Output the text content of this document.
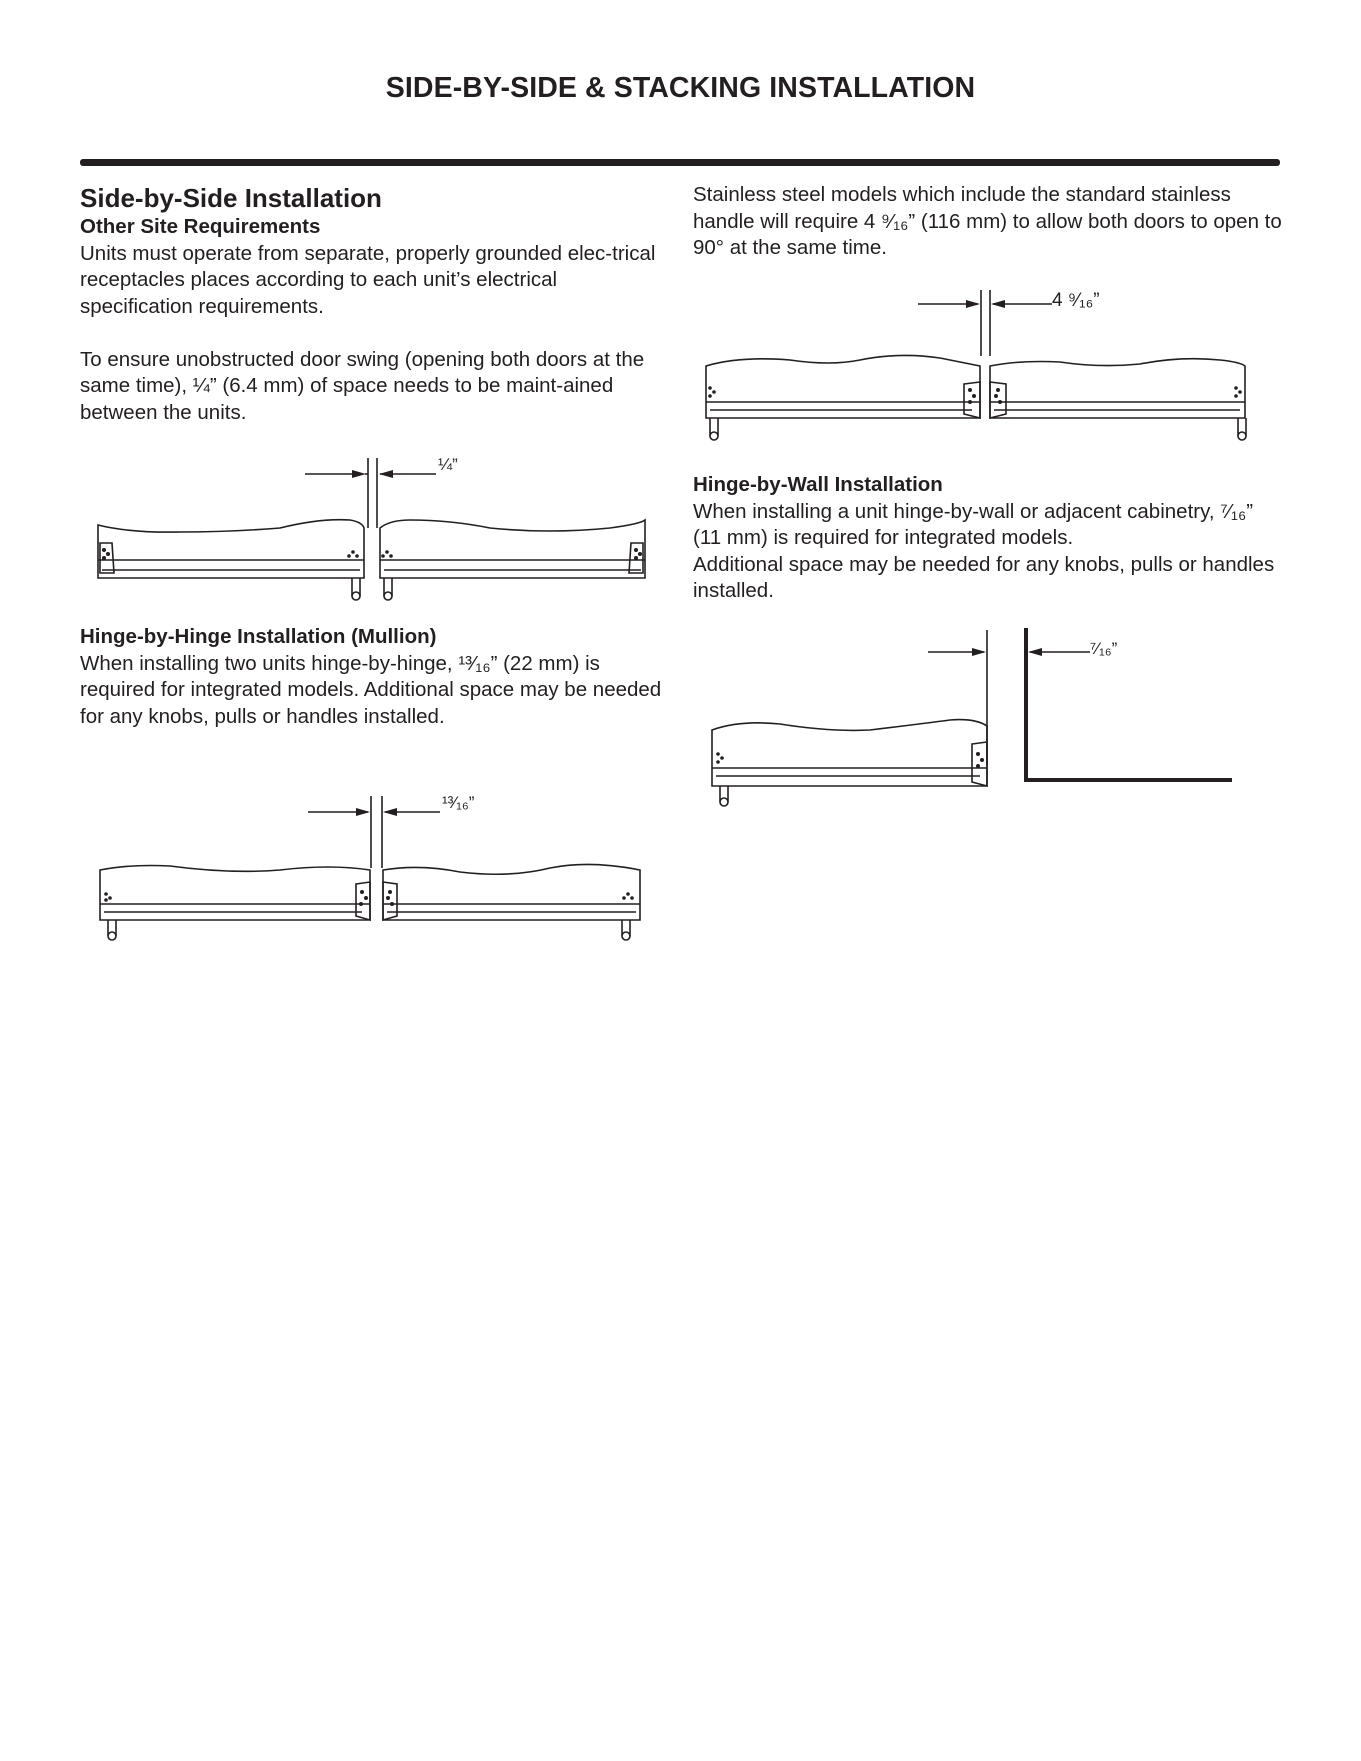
SIDE-BY-SIDE & STACKING INSTALLATION
Side-by-Side Installation
Other Site Requirements

Units must operate from separate, properly grounded elec-trical receptacles places according to each unit’s electrical specification requirements.

To ensure unobstructed door swing (opening both doors at the same time), ¼” (6.4 mm) of space needs to be maint-ained between the units.

Hinge-by-Hinge Installation (Mullion)

When installing two units hinge-by-hinge, ¹³⁄₁₆” (22 mm) is required for integrated models. Additional space may be needed for any knobs, pulls or handles installed.

Stainless steel models which include the standard stainless handle will require 4 ⁹⁄₁₆” (116 mm) to allow both doors to open to 90° at the same time.

Hinge-by-Wall Installation

When installing a unit hinge-by-wall or adjacent cabinetry, ⁷⁄₁₆” (11 mm) is required for integrated models.

Additional space may be needed for any knobs, pulls or handles installed.

¼”
¹³⁄₁₆”
4 ⁹⁄₁₆”
⁷⁄₁₆”
